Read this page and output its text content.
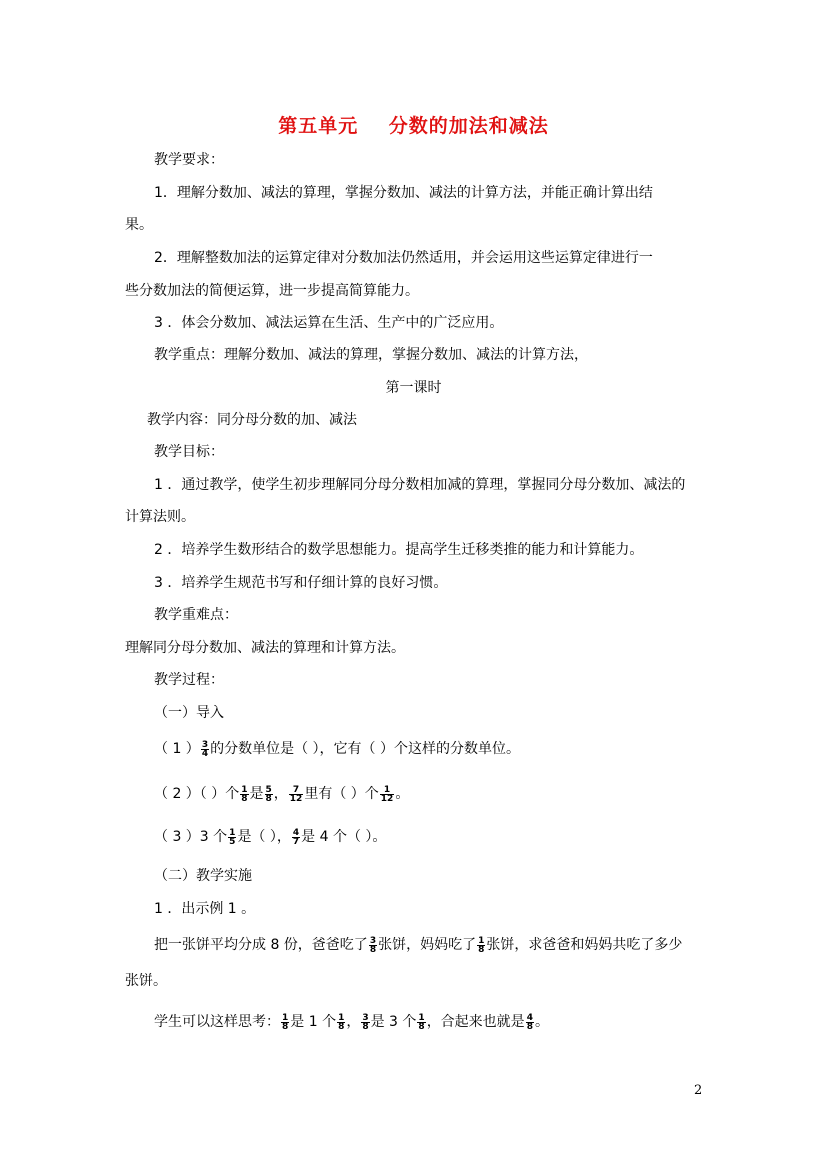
第五单元    分数的加法和减法
教学要求：
1．理解分数加、减法的算理，掌握分数加、减法的计算方法，并能正确计算出结
果。
2．理解整数加法的运算定律对分数加法仍然适用，并会运用这些运算定律进行一
些分数加法的简便运算，进一步提高简算能力。
3 ．体会分数加、减法运算在生活、生产中的广泛应用。
教学重点：理解分数加、减法的算理，掌握分数加、减法的计算方法，
第一课时
教学内容：同分母分数的加、减法
教学目标：
1 ．通过教学，使学生初步理解同分母分数相加减的算理，掌握同分母分数加、减法的
计算法则。
2 ．培养学生数形结合的数学思想能力。提高学生迁移类推的能力和计算能力。
3 ．培养学生规范书写和仔细计算的良好习惯。
教学重难点：
理解同分母分数加、减法的算理和计算方法。
教学过程：
（一）导入
（ 1 ） $\frac{3}{4}$ 的分数单位是（ ），它有（ ）个这样的分数单位。
（ 2 ）（ ）个 $\frac{1}{8}$ 是 $\frac{5}{8}$ ， $\frac{7}{12}$ 里有（ ）个 $\frac{1}{12}$ 。
（ 3 ）3 个 $\frac{1}{5}$ 是（ ）， $\frac{4}{7}$ 是 4 个（ ）。
（二）教学实施
1 ．出示例 1 。
把一张饼平均分成 8 份，爸爸吃了 $\frac{3}{8}$ 张饼，妈妈吃了 $\frac{1}{8}$ 张饼，求爸爸和妈妈共吃了多少
张饼。
学生可以这样思考： $\frac{1}{8}$ 是 1 个 $\frac{1}{8}$ ， $\frac{3}{8}$ 是 3 个 $\frac{1}{8}$ ，合起来也就是 $\frac{4}{8}$ 。
2
